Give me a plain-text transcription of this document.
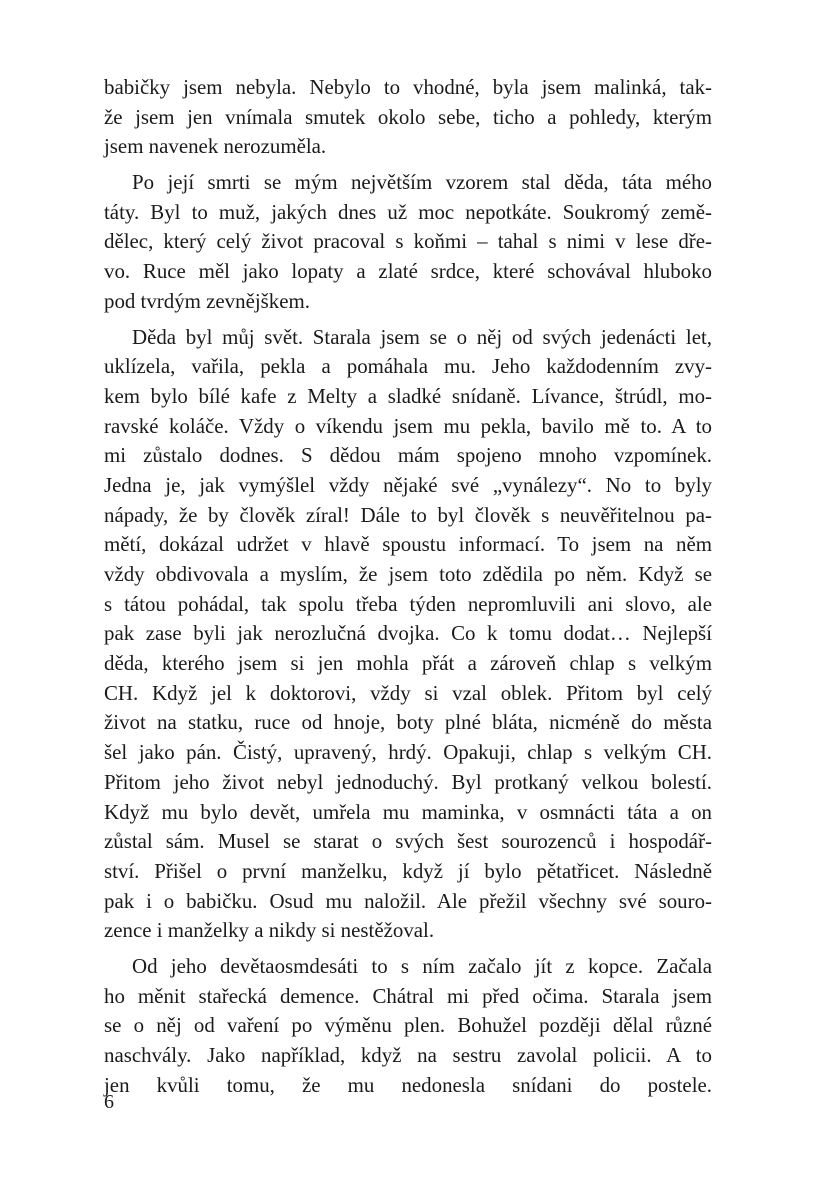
babičky jsem nebyla. Nebylo to vhodné, byla jsem malinká, tak-
že jsem jen vnímala smutek okolo sebe, ticho a pohledy, kterým
jsem navenek nerozuměla.
Po její smrti se mým největším vzorem stal děda, táta mého
táty. Byl to muž, jakých dnes už moc nepotkáte. Soukromý země-
dělec, který celý život pracoval s koňmi – tahal s nimi v lese dře-
vo. Ruce měl jako lopaty a zlaté srdce, které schovával hluboko
pod tvrdým zevnějškem.
Děda byl můj svět. Starala jsem se o něj od svých jedenácti let,
uklízela, vařila, pekla a pomáhala mu. Jeho každodenním zvy-
kem bylo bílé kafe z Melty a sladké snídaně. Lívance, štrúdl, mo-
ravské koláče. Vždy o víkendu jsem mu pekla, bavilo mě to. A to
mi zůstalo dodnes. S dědou mám spojeno mnoho vzpomínek.
Jedna je, jak vymýšlel vždy nějaké své „vynálezy“. No to byly
nápady, že by člověk zíral! Dále to byl člověk s neuvěřitelnou pa-
mětí, dokázal udržet v hlavě spoustu informací. To jsem na něm
vždy obdivovala a myslím, že jsem toto zdědila po něm. Když se
s tátou pohádal, tak spolu třeba týden nepromluvili ani slovo, ale
pak zase byli jak nerozlučná dvojka. Co k tomu dodat… Nejlepší
děda, kterého jsem si jen mohla přát a zároveň chlap s velkým
CH. Když jel k doktorovi, vždy si vzal oblek. Přitom byl celý
život na statku, ruce od hnoje, boty plné bláta, nicméně do města
šel jako pán. Čistý, upravený, hrdý. Opakuji, chlap s velkým CH.
Přitom jeho život nebyl jednoduchý. Byl protkaný velkou bolestí.
Když mu bylo devět, umřela mu maminka, v osmnácti táta a on
zůstal sám. Musel se starat o svých šest sourozenců i hospodář-
ství. Přišel o první manželku, když jí bylo pětatřicet. Následně
pak i o babičku. Osud mu naložil. Ale přežil všechny své souro-
zence i manželky a nikdy si nestěžoval.
Od jeho devětaosmdesáti to s ním začalo jít z kopce. Začala
ho měnit stařecká demence. Chátral mi před očima. Starala jsem
se o něj od vaření po výměnu plen. Bohužel později dělal různé
naschvály. Jako například, když na sestru zavolal policii. A to
jen kvůli tomu, že mu nedonesla snídani do postele.
6
